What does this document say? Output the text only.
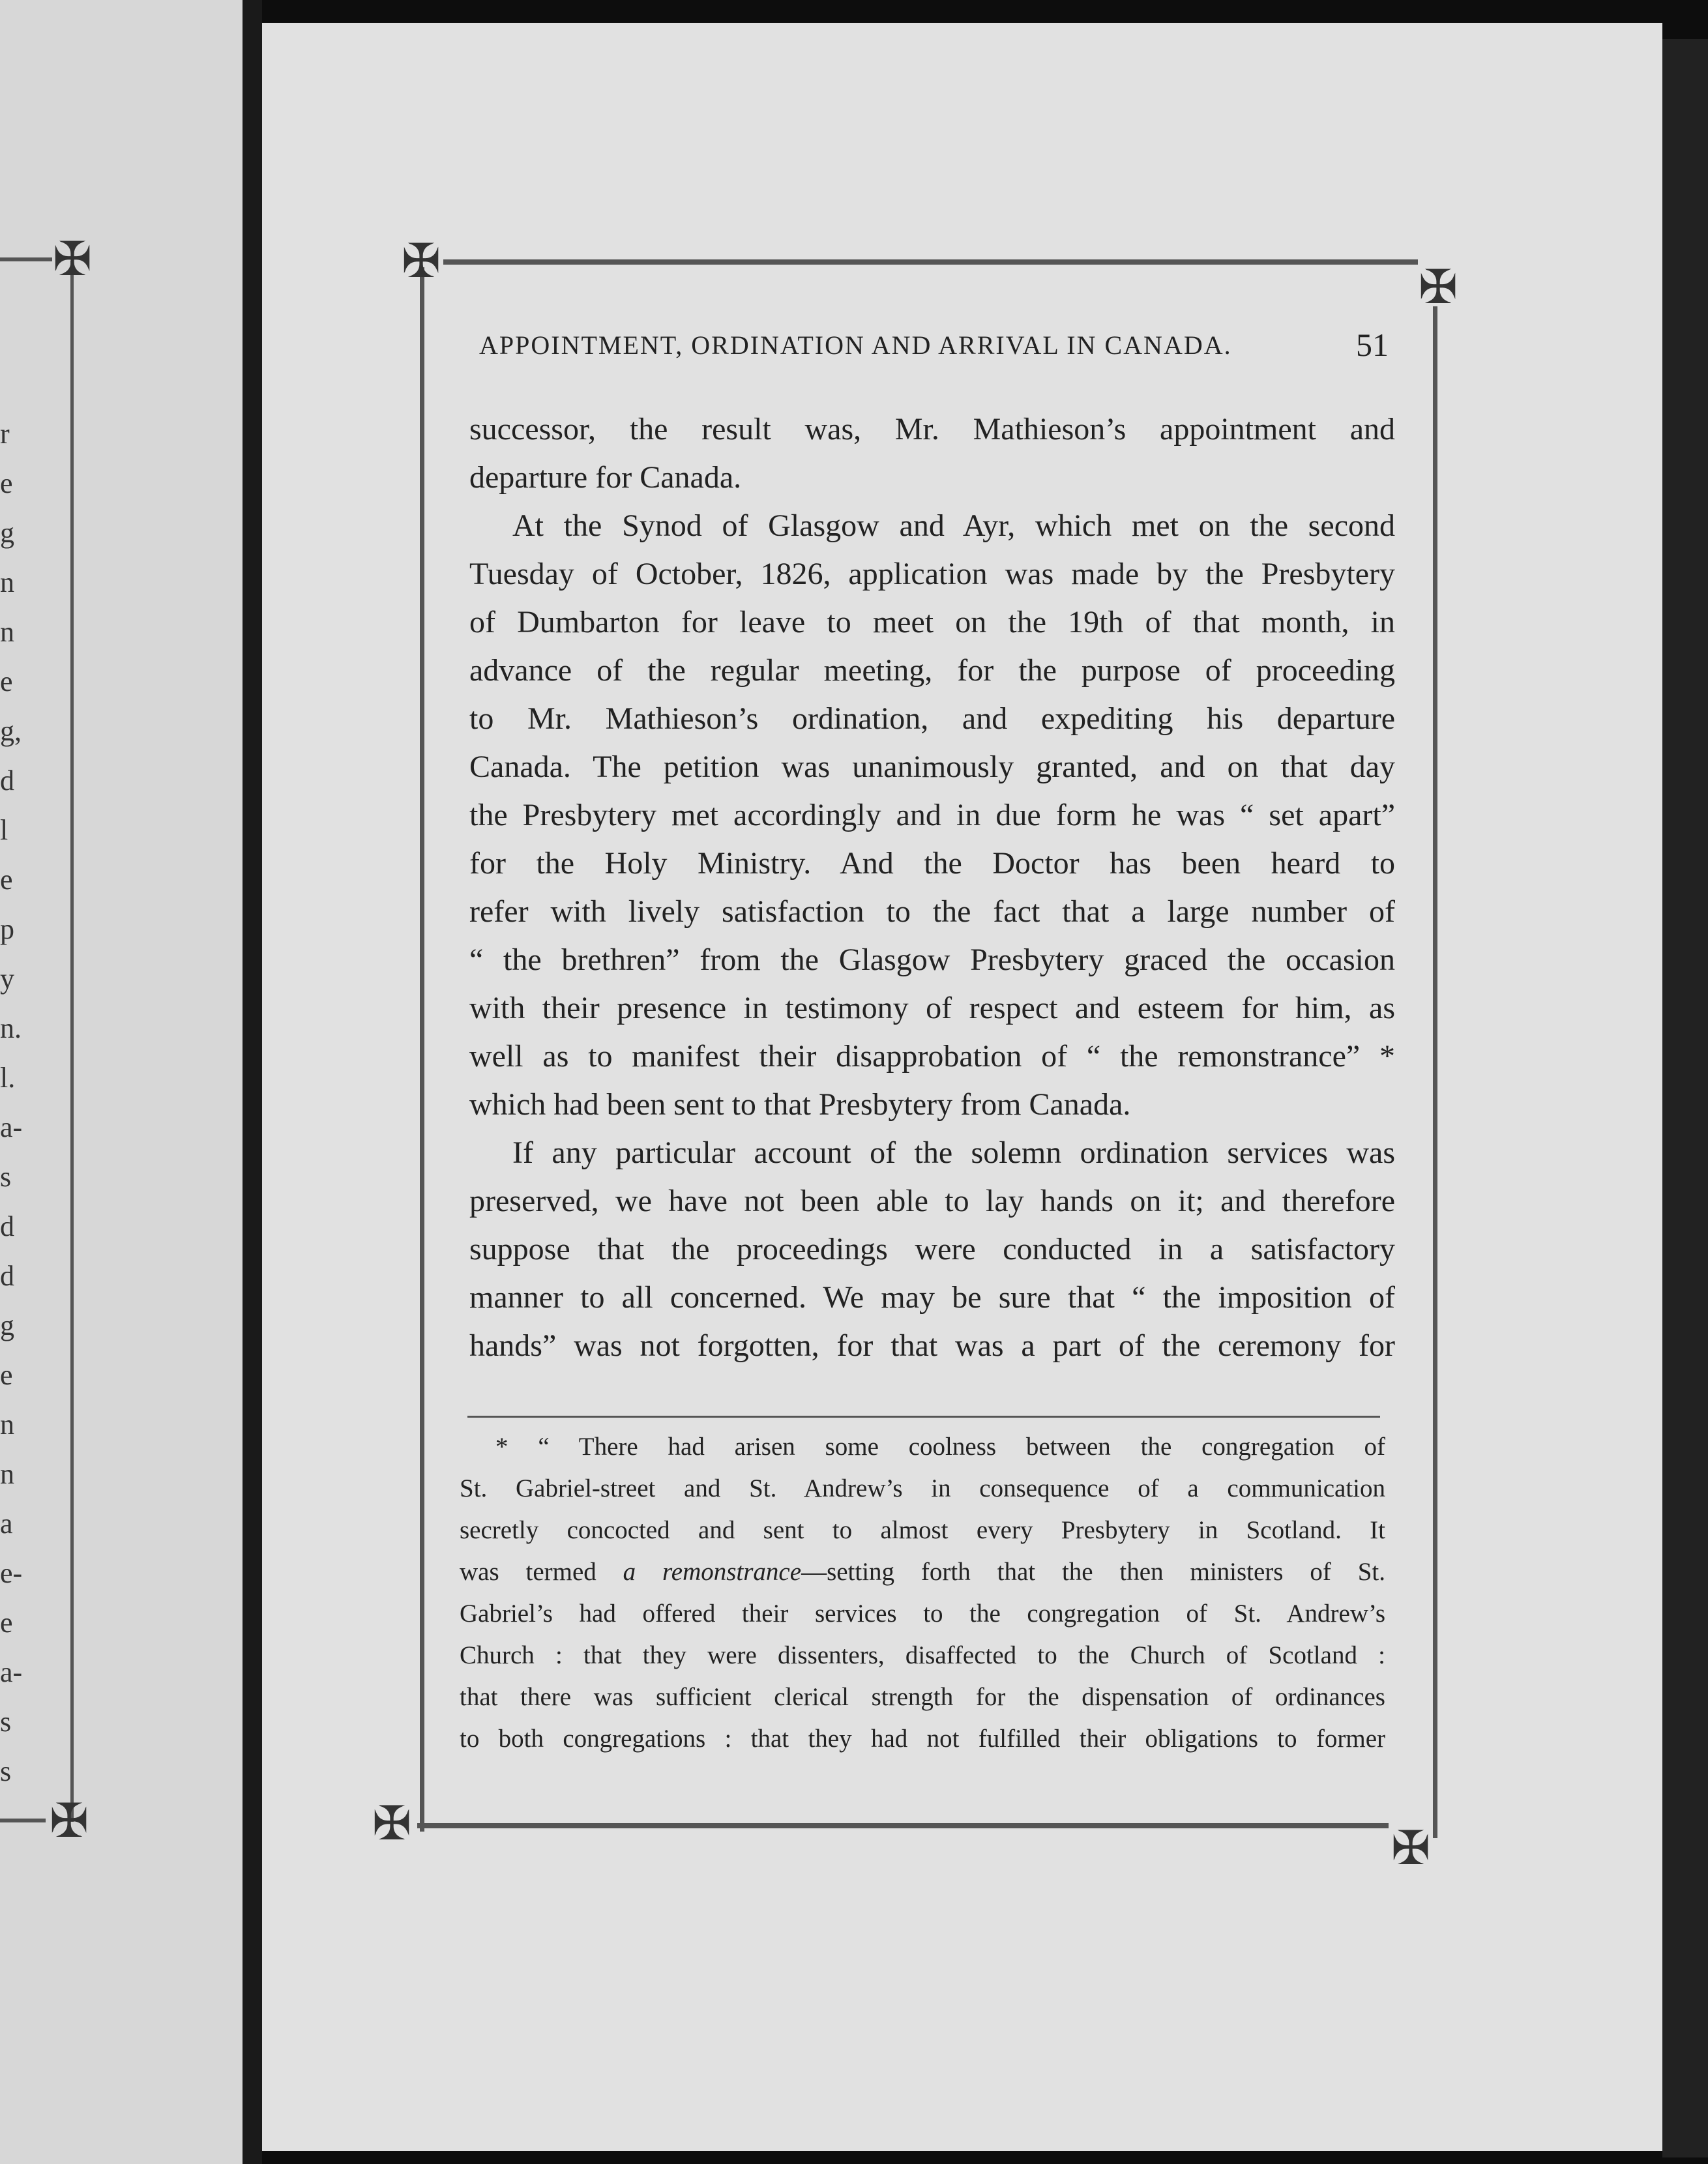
✠
✠
r
e
g
n
n
e
g,
d
l
e
p
y
n.
l.
a-
s
d
d
g
e
n
n
a
e-
e
a-
s
s
✠	✠
✠	✠
APPOINTMENT, ORDINATION AND ARRIVAL IN CANADA.	51
successor, the result was, Mr. Mathieson’s appointment and
departure for Canada.
At the Synod of Glasgow and Ayr, which met on the second
Tuesday of October, 1826, application was made by the Presbytery
of Dumbarton for leave to meet on the 19th of that month, in
advance of the regular meeting, for the purpose of proceeding
to Mr. Mathieson’s ordination, and expediting his departure
Canada. The petition was unanimously granted, and on that day
the Presbytery met accordingly and in due form he was “ set apart”
for the Holy Ministry. And the Doctor has been heard to
refer with lively satisfaction to the fact that a large number of
“ the brethren” from the Glasgow Presbytery graced the occasion
with their presence in testimony of respect and esteem for him, as
well as to manifest their disapprobation of “ the remonstrance” *
which had been sent to that Presbytery from Canada.
If any particular account of the solemn ordination services was
preserved, we have not been able to lay hands on it; and therefore
suppose that the proceedings were conducted in a satisfactory
manner to all concerned. We may be sure that “ the imposition of
hands” was not forgotten, for that was a part of the ceremony for
* “ There had arisen some coolness between the congregation of
St. Gabriel-street and St. Andrew’s in consequence of a communication
secretly concocted and sent to almost every Presbytery in Scotland. It
was termed a remonstrance—setting forth that the then ministers of St.
Gabriel’s had offered their services to the congregation of St. Andrew’s
Church : that they were dissenters, disaffected to the Church of Scotland :
that there was sufficient clerical strength for the dispensation of ordinances
to both congregations : that they had not fulfilled their obligations to former
